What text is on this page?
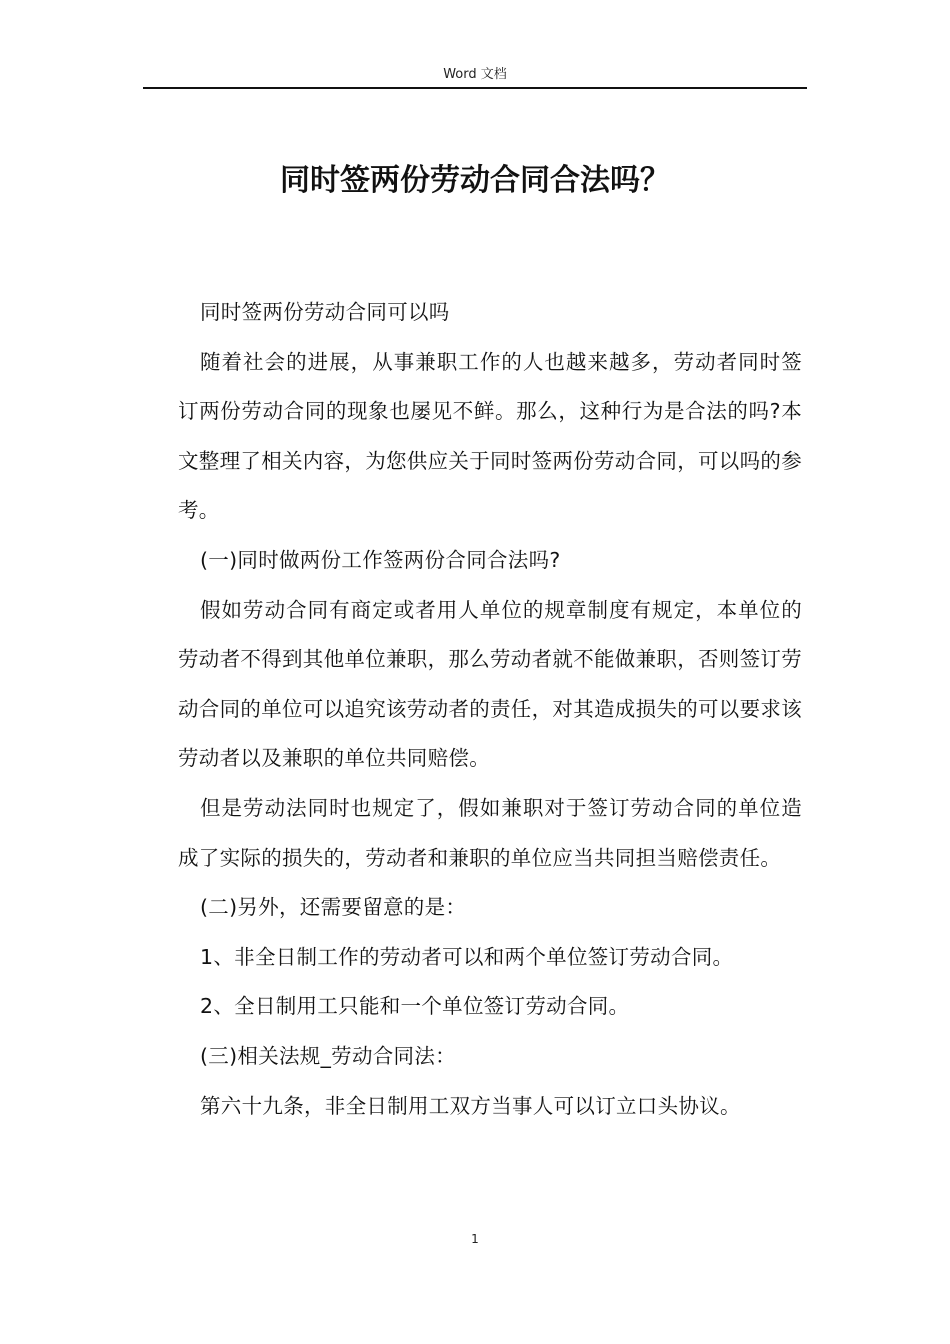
Word 文档
同时签两份劳动合同合法吗？

同时签两份劳动合同可以吗

随着社会的进展，从事兼职工作的人也越来越多，劳动者同时签订两份劳动合同的现象也屡见不鲜。那么，这种行为是合法的吗?本文整理了相关内容，为您供应关于同时签两份劳动合同，可以吗的参考。

(一)同时做两份工作签两份合同合法吗?

假如劳动合同有商定或者用人单位的规章制度有规定，本单位的劳动者不得到其他单位兼职，那么劳动者就不能做兼职，否则签订劳动合同的单位可以追究该劳动者的责任，对其造成损失的可以要求该劳动者以及兼职的单位共同赔偿。

但是劳动法同时也规定了，假如兼职对于签订劳动合同的单位造成了实际的损失的，劳动者和兼职的单位应当共同担当赔偿责任。

(二)另外，还需要留意的是：

1、非全日制工作的劳动者可以和两个单位签订劳动合同。

2、全日制用工只能和一个单位签订劳动合同。

(三)相关法规_劳动合同法：

第六十九条，非全日制用工双方当事人可以订立口头协议。

1
